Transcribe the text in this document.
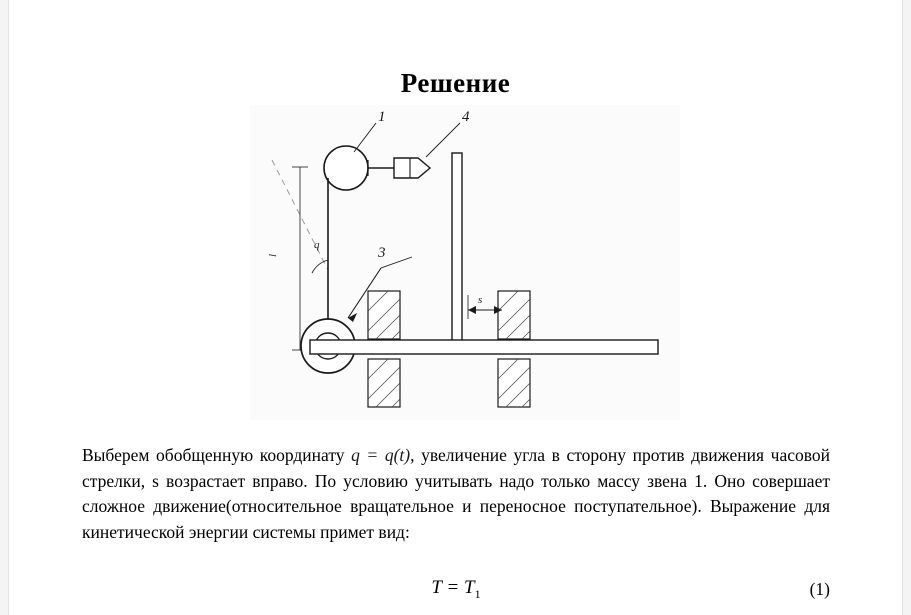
Решение
l
q
1	4
3
s
Выберем обобщенную координату q = q(t), увеличение угла в сторону против движения часовой стрелки, s возрастает вправо. По условию учитывать надо только массу звена 1. Оно совершает сложное движение(относительное вращательное и переносное поступательное). Выражение для кинетической энергии системы примет вид:
$T = T_1$	(1)
